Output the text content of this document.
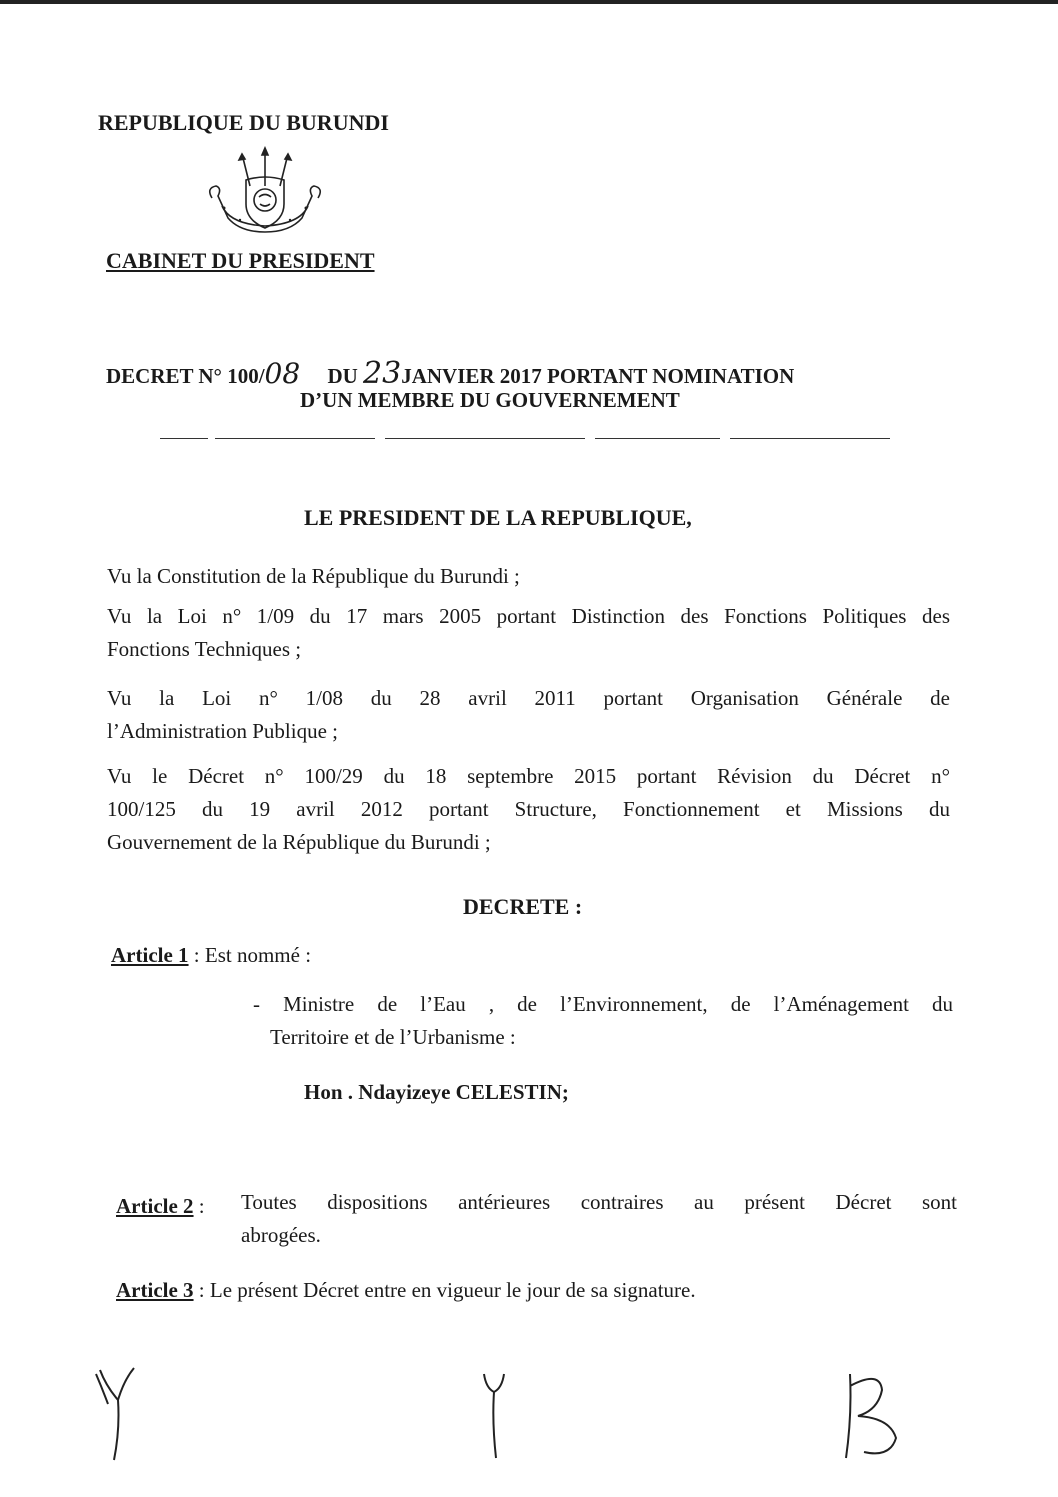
REPUBLIQUE DU BURUNDI
CABINET DU PRESIDENT
DECRET N° 100/08 DU 23JANVIER 2017 PORTANT NOMINATION
D’UN MEMBRE DU GOUVERNEMENT
LE PRESIDENT DE LA REPUBLIQUE,
Vu la Constitution de la République du Burundi ;
Vu la Loi n° 1/09 du 17 mars 2005 portant Distinction des Fonctions Politiques des
Fonctions Techniques ;
Vu la Loi n° 1/08 du 28 avril 2011 portant Organisation Générale de
l’Administration Publique ;
Vu le Décret n° 100/29 du 18 septembre 2015 portant Révision du Décret n°
100/125 du 19 avril 2012 portant Structure, Fonctionnement et Missions du
Gouvernement de la République du Burundi ;
DECRETE :
Article 1 : Est nommé :
- Ministre de l’Eau , de l’Environnement, de l’Aménagement du
Territoire et de l’Urbanisme :
Hon . Ndayizeye CELESTIN;
Article 2 : Toutes dispositions antérieures contraires au présent Décret sont
abrogées.
Article 3 : Le présent Décret entre en vigueur le jour de sa signature.
